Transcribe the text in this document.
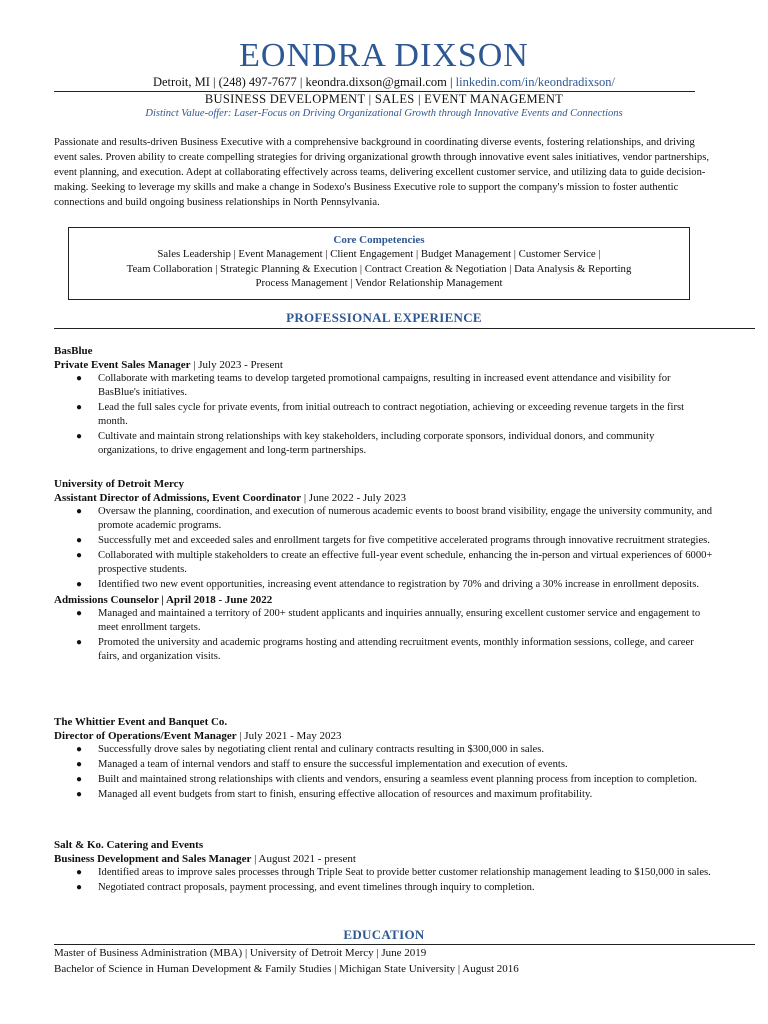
EONDRA DIXSON
Detroit, MI | (248) 497-7677 | keondra.dixson@gmail.com | linkedin.com/in/keondradixson/
BUSINESS DEVELOPMENT | SALES | EVENT MANAGEMENT
Distinct Value-offer: Laser-Focus on Driving Organizational Growth through Innovative Events and Connections
Passionate and results-driven Business Executive with a comprehensive background in coordinating diverse events, fostering relationships, and driving event sales. Proven ability to create compelling strategies for driving organizational growth through innovative event sales initiatives, vendor partnerships, event planning, and execution. Adept at collaborating effectively across teams, delivering excellent customer service, and utilizing data to guide decision-making. Seeking to leverage my skills and make a change in Sodexo's Business Executive role to support the company's mission to foster authentic connections and build ongoing business relationships in North Pennsylvania.
Core Competencies
Sales Leadership | Event Management | Client Engagement | Budget Management | Customer Service |
Team Collaboration | Strategic Planning & Execution | Contract Creation & Negotiation | Data Analysis & Reporting
Process Management | Vendor Relationship Management
PROFESSIONAL EXPERIENCE
BasBlue
Private Event Sales Manager | July 2023 - Present
● Collaborate with marketing teams to develop targeted promotional campaigns, resulting in increased event attendance and visibility for BasBlue's initiatives.
● Lead the full sales cycle for private events, from initial outreach to contract negotiation, achieving or exceeding revenue targets in the first month.
● Cultivate and maintain strong relationships with key stakeholders, including corporate sponsors, individual donors, and community organizations, to drive engagement and long-term partnerships.
University of Detroit Mercy
Assistant Director of Admissions, Event Coordinator | June 2022 - July 2023
● Oversaw the planning, coordination, and execution of numerous academic events to boost brand visibility, engage the university community, and promote academic programs.
● Successfully met and exceeded sales and enrollment targets for five competitive accelerated programs through innovative recruitment strategies.
● Collaborated with multiple stakeholders to create an effective full-year event schedule, enhancing the in-person and virtual experiences of 6000+ prospective students.
● Identified two new event opportunities, increasing event attendance to registration by 70% and driving a 30% increase in enrollment deposits.
Admissions Counselor | April 2018 - June 2022
● Managed and maintained a territory of 200+ student applicants and inquiries annually, ensuring excellent customer service and engagement to meet enrollment targets.
● Promoted the university and academic programs hosting and attending recruitment events, monthly information sessions, college, and career fairs, and organization visits.
The Whittier Event and Banquet Co.
Director of Operations/Event Manager | July 2021 - May 2023
● Successfully drove sales by negotiating client rental and culinary contracts resulting in $300,000 in sales.
● Managed a team of internal vendors and staff to ensure the successful implementation and execution of events.
● Built and maintained strong relationships with clients and vendors, ensuring a seamless event planning process from inception to completion.
● Managed all event budgets from start to finish, ensuring effective allocation of resources and maximum profitability.
Salt & Ko. Catering and Events
Business Development and Sales Manager | August 2021 - present
● Identified areas to improve sales processes through Triple Seat to provide better customer relationship management leading to $150,000 in sales.
● Negotiated contract proposals, payment processing, and event timelines through inquiry to completion.
EDUCATION
Master of Business Administration (MBA) | University of Detroit Mercy | June 2019
Bachelor of Science in Human Development & Family Studies | Michigan State University | August 2016
